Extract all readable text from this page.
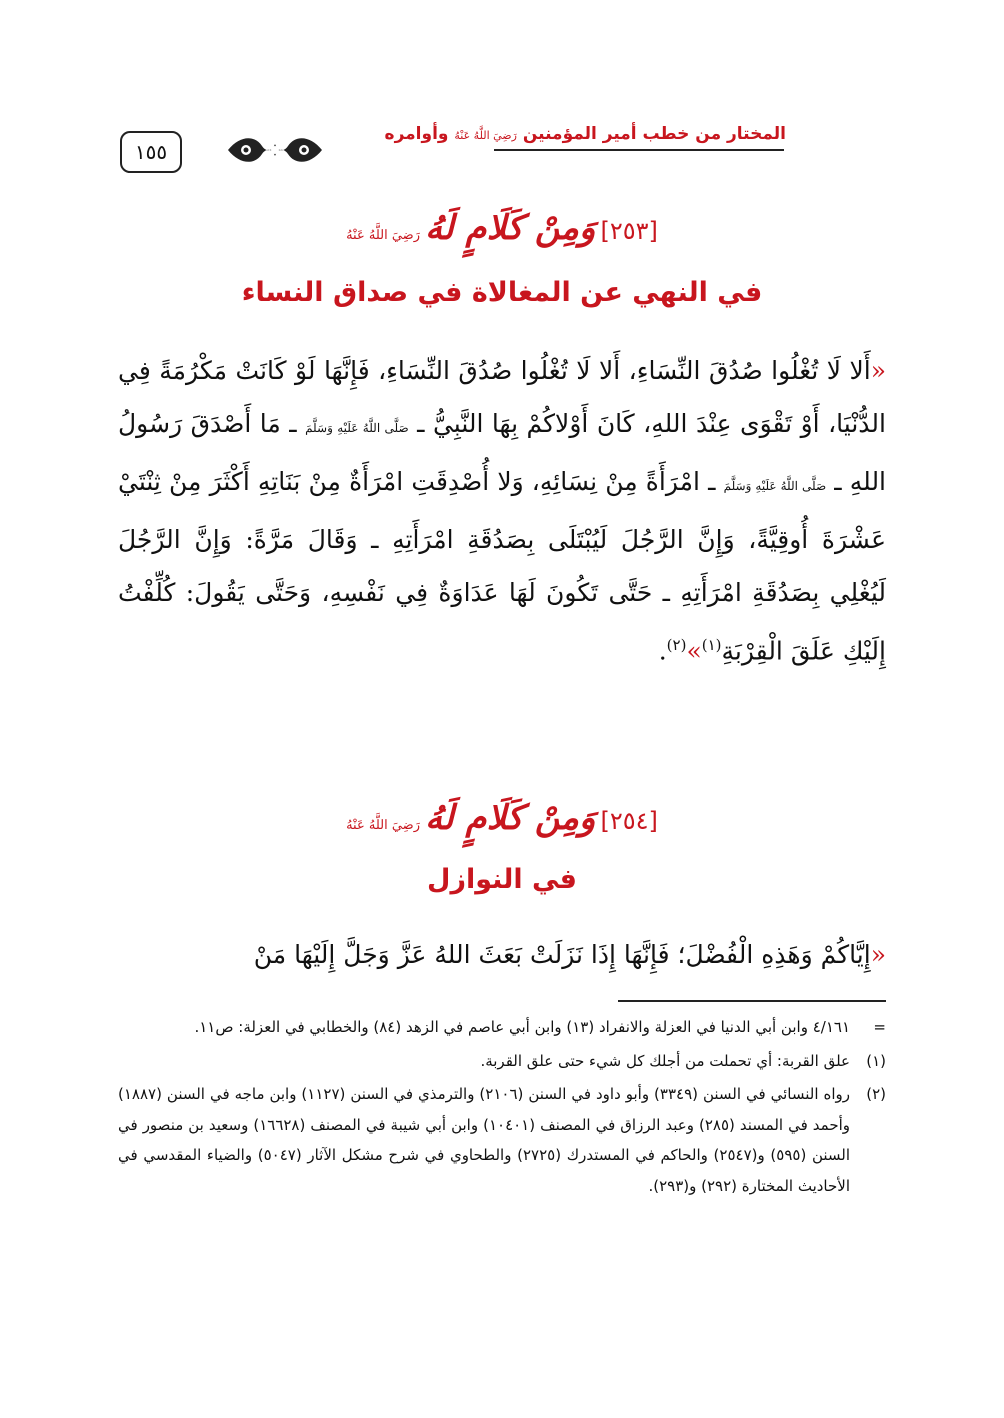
المختار من خطب أمير المؤمنين رَضِيَ اللَّهُ عَنْهُ وأوامره
١٥٥
[٢٥٣] وَمِنْ كَلَامٍ لَهُ رَضِيَ اللَّهُ عَنْهُ
في النهي عن المغالاة في صداق النساء
«أَلا لَا تُغْلُوا صُدُقَ النِّسَاءِ، أَلا لَا تُغْلُوا صُدُقَ النِّسَاءِ، فَإِنَّهَا لَوْ كَانَتْ مَكْرُمَةً فِي الدُّنْيَا، أَوْ تَقْوَى عِنْدَ اللهِ، كَانَ أَوْلاكُمْ بِهَا النَّبِيُّ ـ صَلَّى اللَّهُ عَلَيْهِ وَسَلَّمَ ـ مَا أَصْدَقَ رَسُولُ اللهِ ـ صَلَّى اللَّهُ عَلَيْهِ وَسَلَّمَ ـ امْرَأَةً مِنْ نِسَائِهِ، وَلا أُصْدِقَتِ امْرَأَةٌ مِنْ بَنَاتِهِ أَكْثَرَ مِنْ ثِنْتَيْ عَشْرَةَ أُوقِيَّةً، وَإِنَّ الرَّجُلَ لَيُبْتَلَى بِصَدُقَةِ امْرَأَتِهِ ـ وَقَالَ مَرَّةً: وَإِنَّ الرَّجُلَ لَيُغْلِي بِصَدُقَةِ امْرَأَتِهِ ـ حَتَّى تَكُونَ لَهَا عَدَاوَةٌ فِي نَفْسِهِ، وَحَتَّى يَقُولَ: كُلِّفْتُ إِلَيْكِ عَلَقَ الْقِرْبَةِ$^{(١)}$»$^{(٢)}$.
[٢٥٤] وَمِنْ كَلَامٍ لَهُ رَضِيَ اللَّهُ عَنْهُ
في النوازل
«إِيَّاكُمْ وَهَذِهِ الْفُضْلَ؛ فَإِنَّهَا إِذَا نَزَلَتْ بَعَثَ اللهُ عَزَّ وَجَلَّ إِلَيْهَا مَنْ
=
٤/١٦١ وابن أبي الدنيا في العزلة والانفراد (١٣) وابن أبي عاصم في الزهد (٨٤) والخطابي في العزلة: ص١١.
(١)
علق القربة: أي تحملت من أجلك كل شيء حتى علق القربة.
(٢)
رواه النسائي في السنن (٣٣٤٩) وأبو داود في السنن (٢١٠٦) والترمذي في السنن (١١٢٧) وابن ماجه في السنن (١٨٨٧) وأحمد في المسند (٢٨٥) وعبد الرزاق في المصنف (١٠٤٠١) وابن أبي شيبة في المصنف (١٦٦٢٨) وسعيد بن منصور في السنن (٥٩٥) و(٢٥٤٧) والحاكم في المستدرك (٢٧٢٥) والطحاوي في شرح مشكل الآثار (٥٠٤٧) والضياء المقدسي في الأحاديث المختارة (٢٩٢) و(٢٩٣).
